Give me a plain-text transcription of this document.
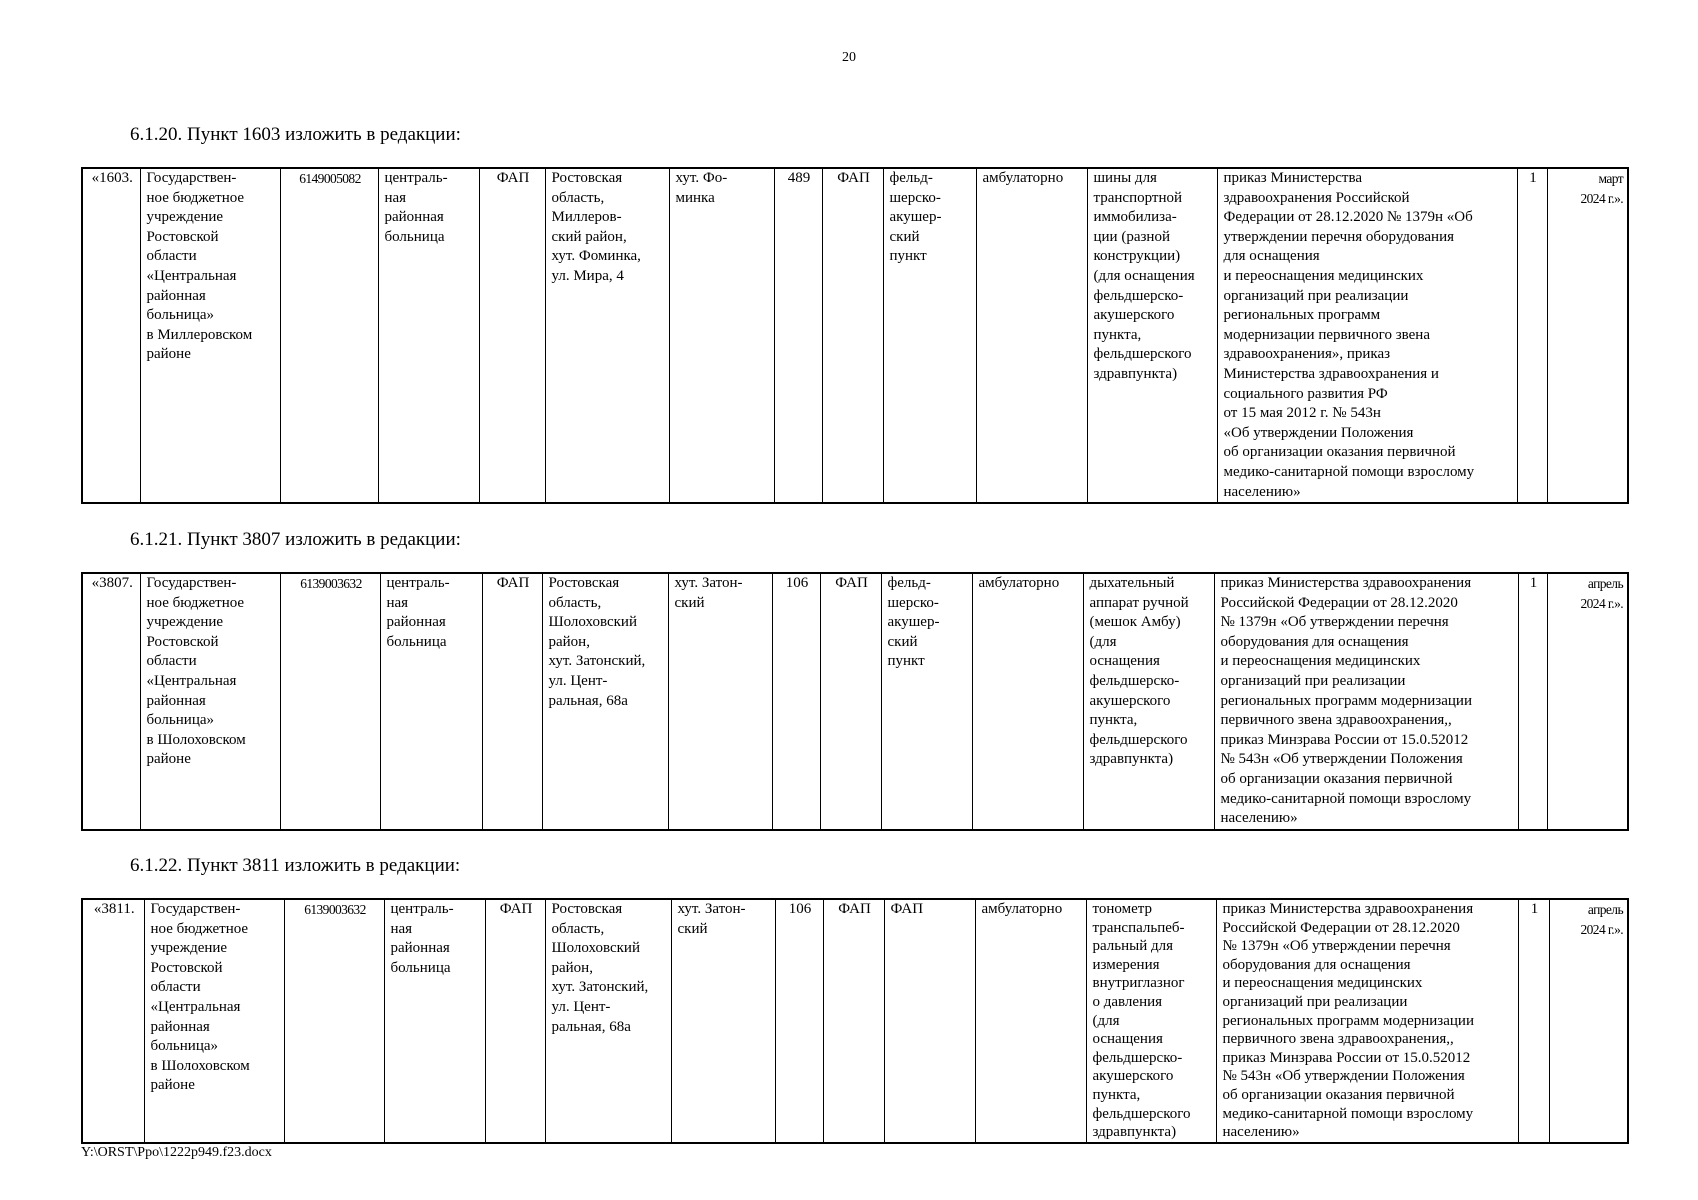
20
6.1.20. Пункт 1603 изложить в редакции:
«1603.	Государствен-
ное бюджетное
учреждение
Ростовской
области
«Центральная
районная
больница»
в Миллеровском
районе	6149005082	централь-
ная
районная
больница	ФАП	Ростовская
область,
Миллеров-
ский район,
хут. Фоминка,
ул. Мира, 4	хут. Фо-
минка	489	ФАП	фельд-
шерско-
акушер-
ский
пункт	амбулаторно	шины для
транспортной
иммобилиза-
ции (разной
конструкции)
(для оснащения
фельдшерско-
акушерского
пункта,
фельдшерского
здравпункта)	приказ Министерства
здравоохранения Российской
Федерации от 28.12.2020 № 1379н «Об
утверждении перечня оборудования
для оснащения
и переоснащения медицинских
организаций при реализации
региональных программ
модернизации первичного звена
здравоохранения», приказ
Министерства здравоохранения и
социального развития РФ
от 15 мая 2012 г. № 543н
«Об утверждении Положения
об организации оказания первичной
медико-санитарной помощи взрослому
населению»	1	март
2024 г.».
6.1.21. Пункт 3807 изложить в редакции:
«3807.	Государствен-
ное бюджетное
учреждение
Ростовской
области
«Центральная
районная
больница»
в Шолоховском
районе	6139003632	централь-
ная
районная
больница	ФАП	Ростовская
область,
Шолоховский
район,
хут. Затонский,
ул. Цент-
ральная, 68а	хут. Затон-
ский	106	ФАП	фельд-
шерско-
акушер-
ский
пункт	амбулаторно	дыхательный
аппарат ручной
(мешок Амбу)
(для
оснащения
фельдшерско-
акушерского
пункта,
фельдшерского
здравпункта)	приказ Министерства здравоохранения
Российской Федерации от 28.12.2020
№ 1379н «Об утверждении перечня
оборудования для оснащения
и переоснащения медицинских
организаций при реализации
региональных программ модернизации
первичного звена здравоохранения,,
приказ Минзрава России от 15.0.52012
№ 543н «Об утверждении Положения
об организации оказания первичной
медико-санитарной помощи взрослому
населению»	1	апрель
2024 г.».
6.1.22. Пункт 3811 изложить в редакции:
«3811.	Государствен-
ное бюджетное
учреждение
Ростовской
области
«Центральная
районная
больница»
в Шолоховском
районе	6139003632	централь-
ная
районная
больница	ФАП	Ростовская
область,
Шолоховский
район,
хут. Затонский,
ул. Цент-
ральная, 68а	хут. Затон-
ский	106	ФАП	ФАП	амбулаторно	тонометр
транспальпеб-
ральный для
измерения
внутриглазног
о давления
(для
оснащения
фельдшерско-
акушерского
пункта,
фельдшерского
здравпункта)	приказ Министерства здравоохранения
Российской Федерации от 28.12.2020
№ 1379н «Об утверждении перечня
оборудования для оснащения
и переоснащения медицинских
организаций при реализации
региональных программ модернизации
первичного звена здравоохранения,,
приказ Минзрава России от 15.0.52012
№ 543н «Об утверждении Положения
об организации оказания первичной
медико-санитарной помощи взрослому
населению»	1	апрель
2024 г.».
Y:\ORST\Ppo\1222p949.f23.docx
